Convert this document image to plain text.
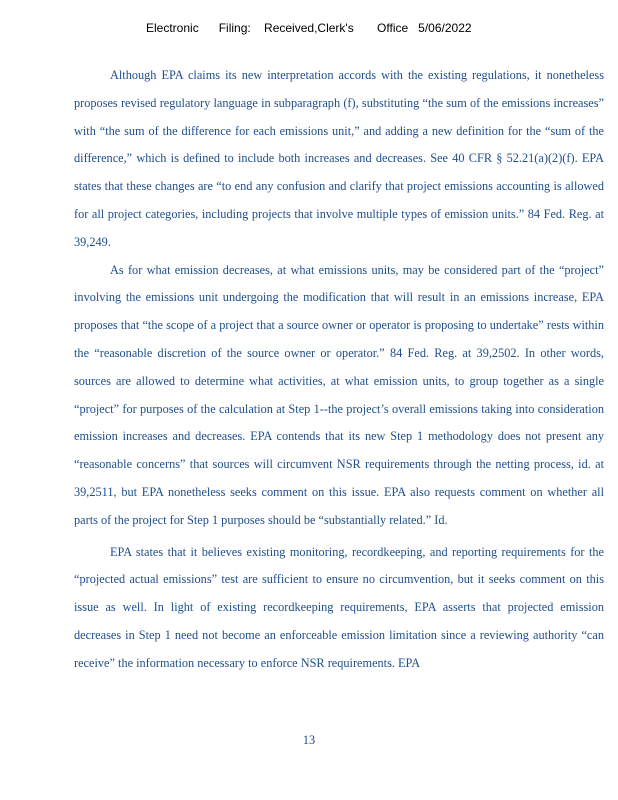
Electronic      Filing:    Received,Clerk's       Office   5/06/2022

Although EPA claims its new interpretation accords with the existing regulations, it nonetheless proposes revised regulatory language in subparagraph (f), substituting “the sum of the emissions increases” with “the sum of the difference for each emissions unit,” and adding a new definition for the “sum of the difference,” which is defined to include both increases and decreases. See 40 CFR § 52.21(a)(2)(f). EPA states that these changes are “to end any confusion and clarify that project emissions accounting is allowed for all project categories, including projects that involve multiple types of emission units.” 84 Fed. Reg. at 39,249.

As for what emission decreases, at what emissions units, may be considered part of the “project” involving the emissions unit undergoing the modification that will result in an emissions increase, EPA proposes that “the scope of a project that a source owner or operator is proposing to undertake” rests within the “reasonable discretion of the source owner or operator.” 84 Fed. Reg. at 39,2502. In other words, sources are allowed to determine what activities, at what emission units, to group together as a single “project” for purposes of the calculation at Step 1--the project’s overall emissions taking into consideration emission increases and decreases. EPA contends that its new Step 1 methodology does not present any “reasonable concerns” that sources will circumvent NSR requirements through the netting process, id. at 39,2511, but EPA nonetheless seeks comment on this issue. EPA also requests comment on whether all parts of the project for Step 1 purposes should be “substantially related.” Id.

EPA states that it believes existing monitoring, recordkeeping, and reporting requirements for the “projected actual emissions” test are sufficient to ensure no circumvention, but it seeks comment on this issue as well. In light of existing recordkeeping requirements, EPA asserts that projected emission decreases in Step 1 need not become an enforceable emission limitation since a reviewing authority “can receive” the information necessary to enforce NSR requirements. EPA

13
